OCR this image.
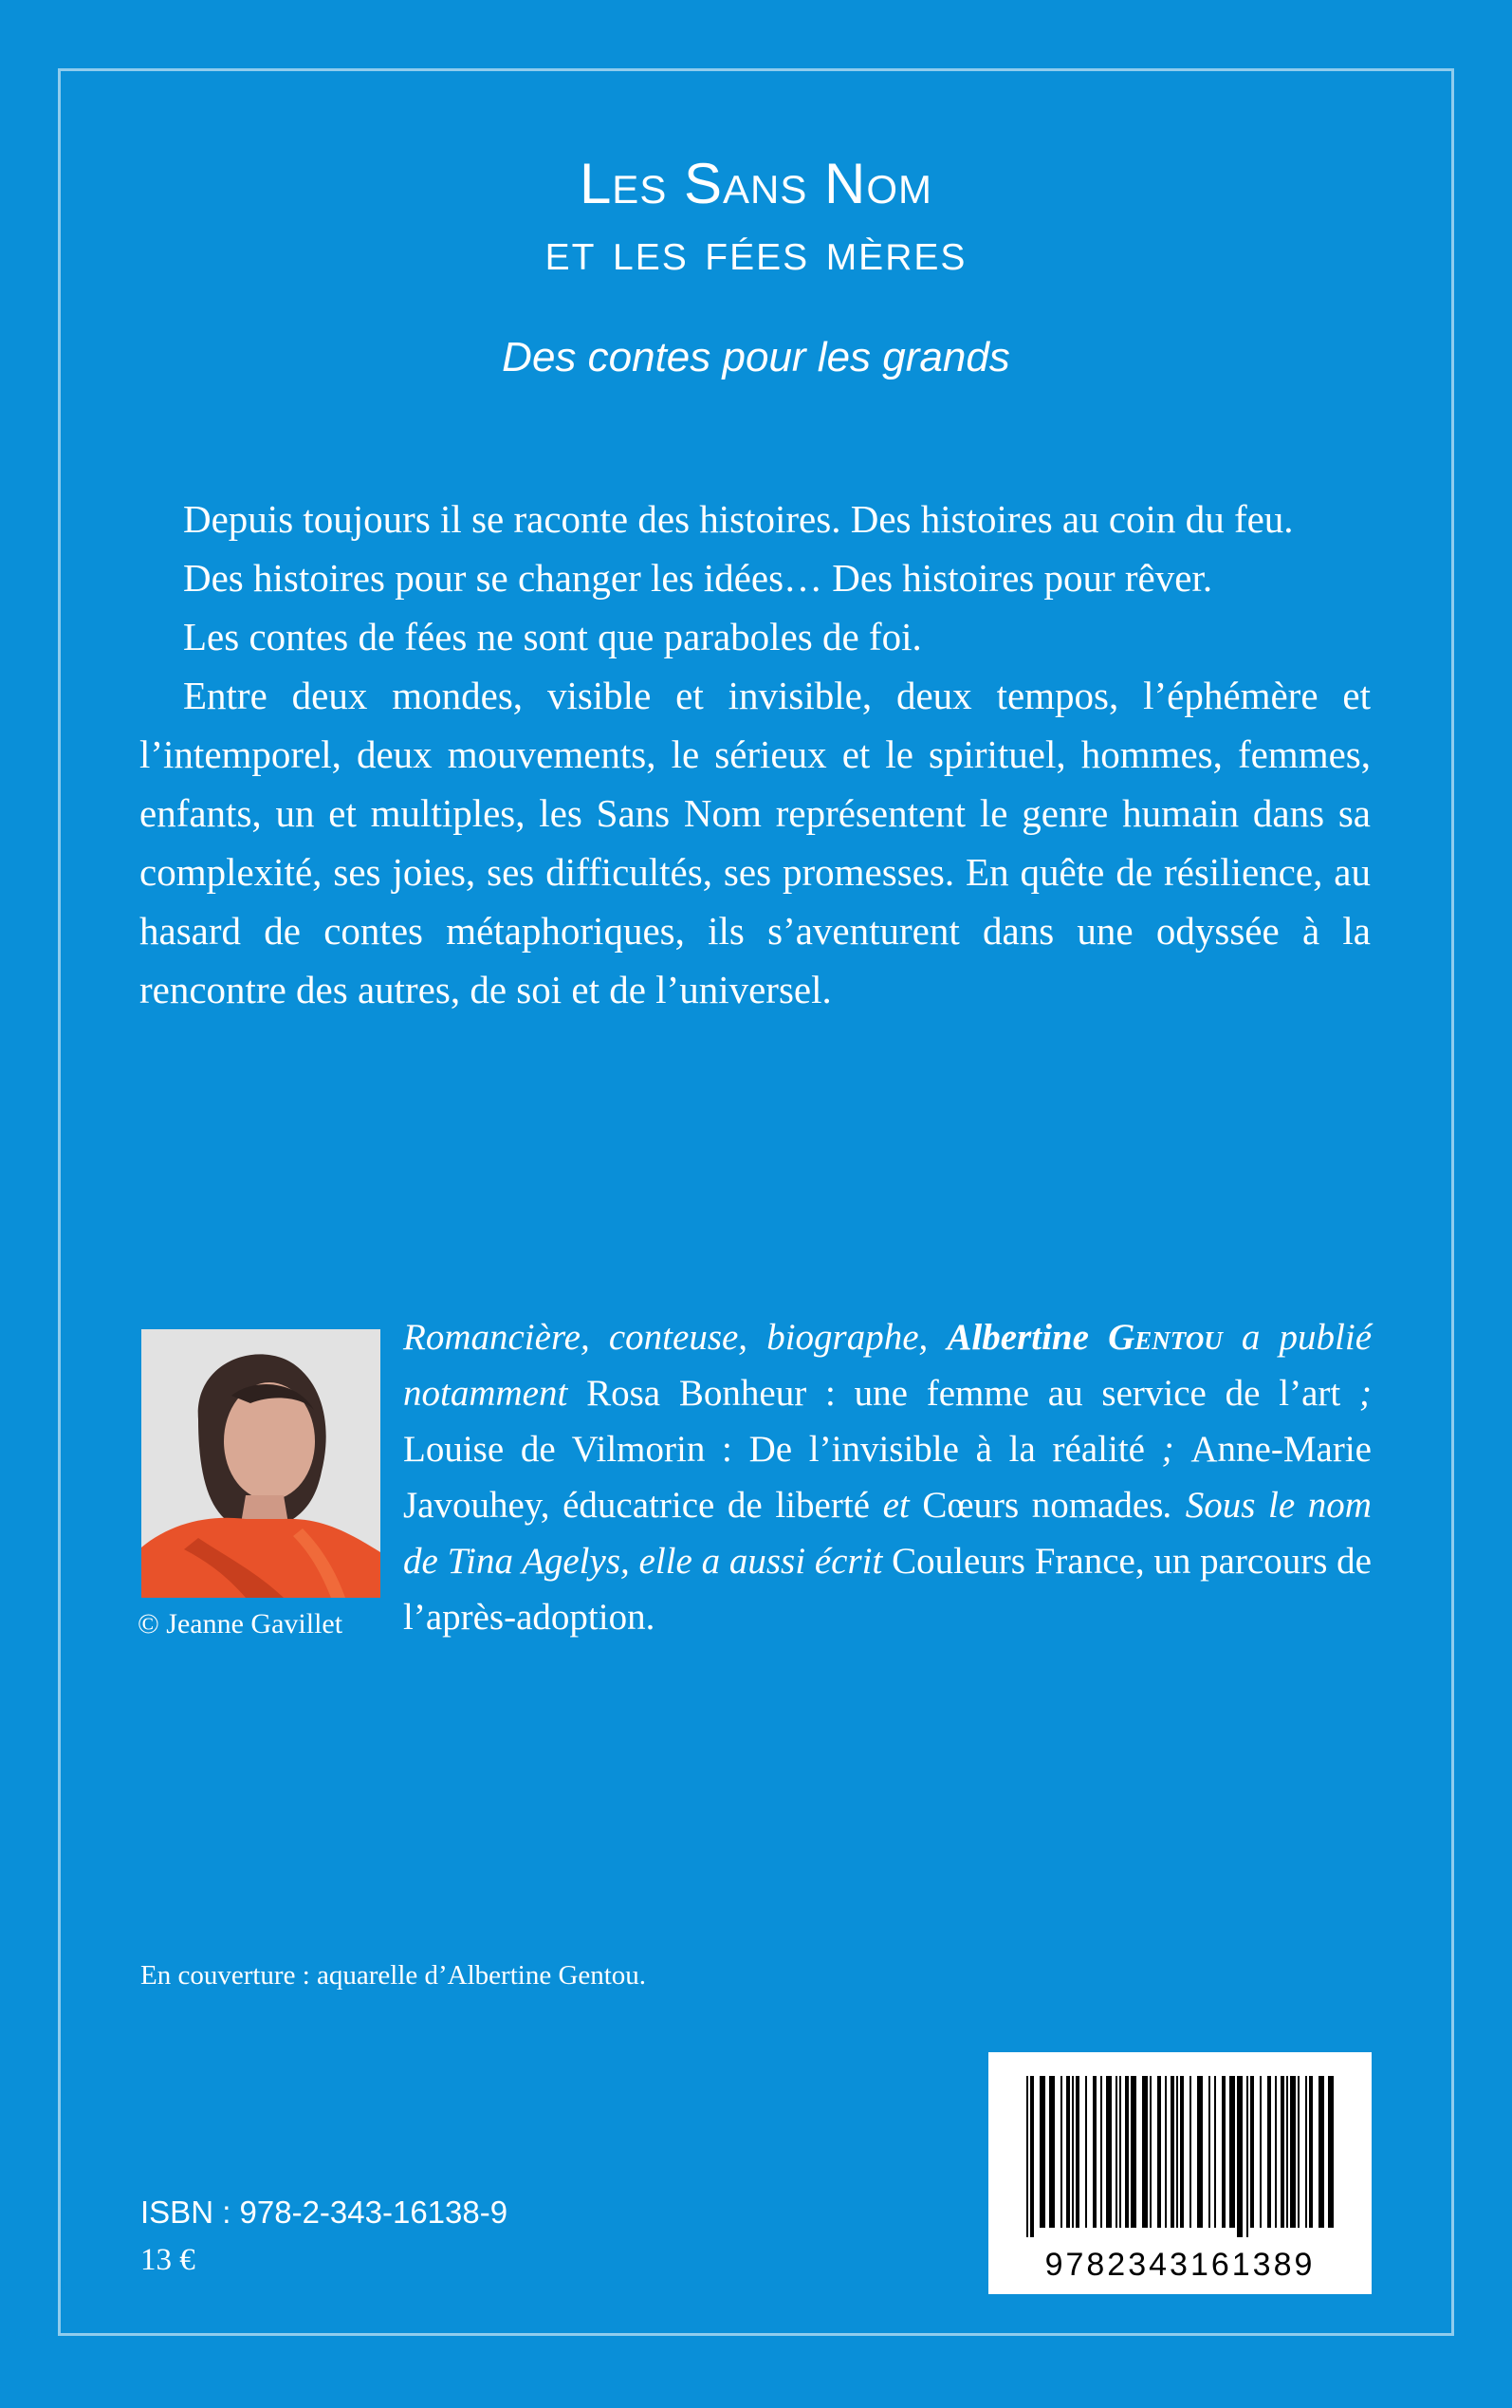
Les Sans Nom
et les fées mères
Des contes pour les grands

Depuis toujours il se raconte des histoires. Des histoires au coin du feu.

Des histoires pour se changer les idées… Des histoires pour rêver.

Les contes de fées ne sont que paraboles de foi.

Entre deux mondes, visible et invisible, deux tempos, l’éphémère et l’intemporel, deux mouvements, le sérieux et le spirituel, hommes, femmes, enfants, un et multiples, les Sans Nom représentent le genre humain dans sa complexité, ses joies, ses difficultés, ses promesses. En quête de résilience, au hasard de contes métaphoriques, ils s’aventurent dans une odyssée à la rencontre des autres, de soi et de l’universel.

© Jeanne Gavillet
Romancière, conteuse, biographe, Albertine Gentou a publié notamment Rosa Bonheur : une femme au service de l’art ; Louise de Vilmorin : De l’invisible à la réalité ; Anne-Marie Javouhey, éducatrice de liberté et Cœurs nomades. Sous le nom de Tina Agelys, elle a aussi écrit Couleurs France, un parcours de l’après-adoption.
En couverture : aquarelle d’Albertine Gentou.
ISBN : 978-2-343-16138-9
13 €	9782343161389
